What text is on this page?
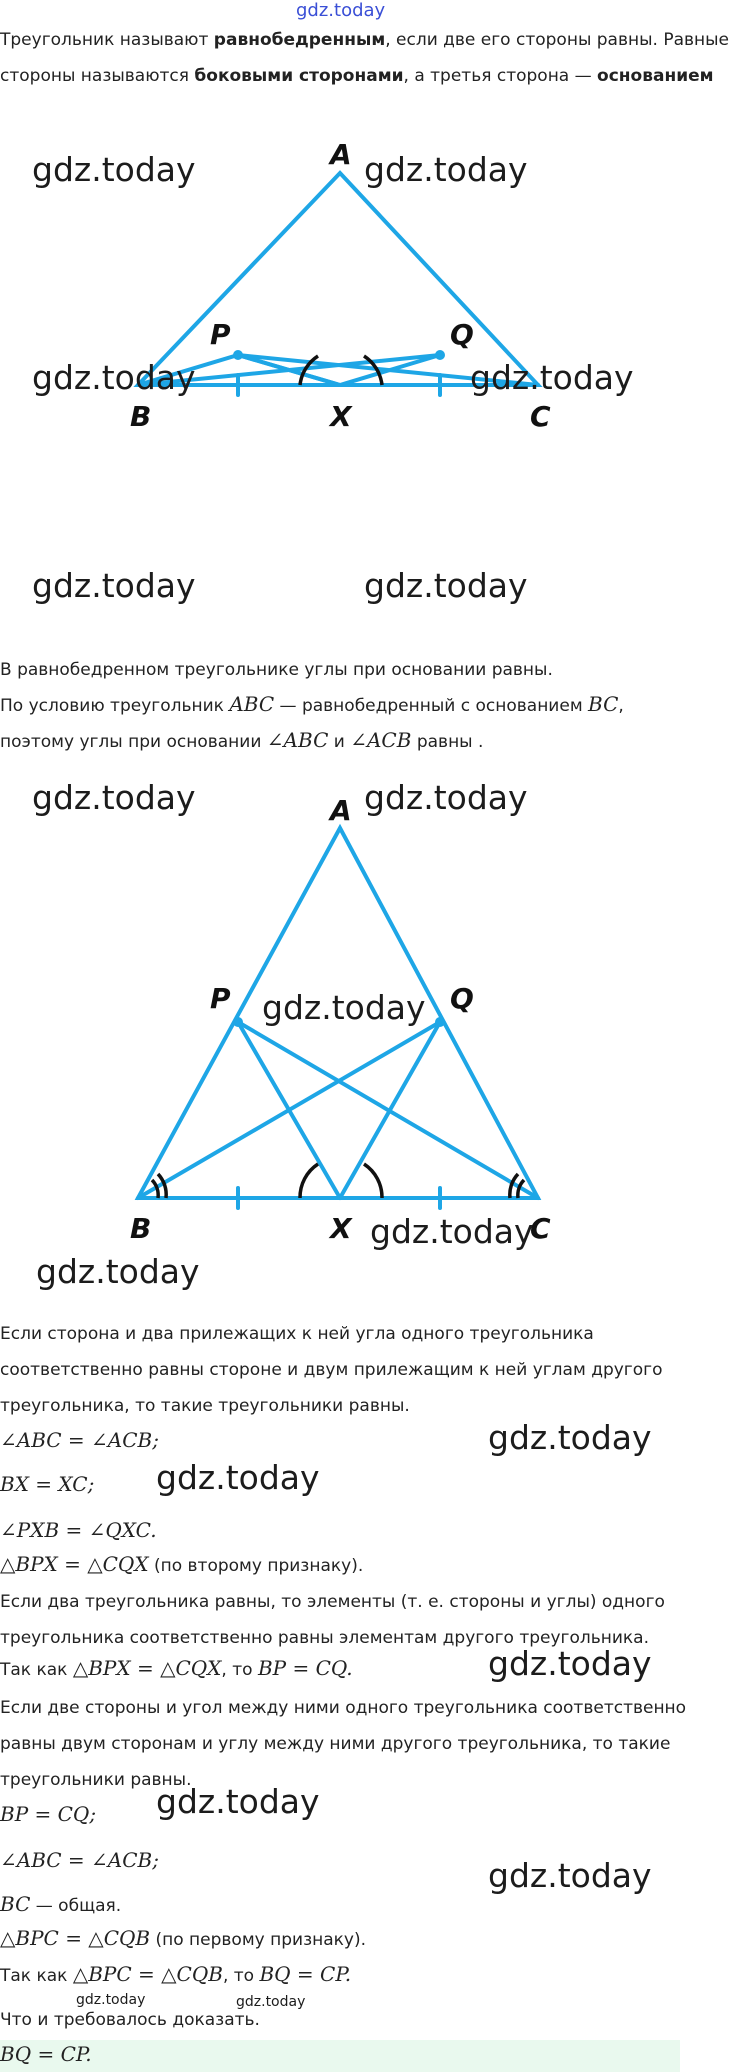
gdz.today
Треугольник называют равнобедренным, если две его стороны равны. Равные
стороны называются боковыми сторонами, а третья сторона — основанием
A
P	Q
B	X	C
gdz.today	gdz.today
gdz.today	gdz.today
gdz.today	gdz.today
В равнобедренном треугольнике углы при основании равны.
По условию треугольник ABC — равнобедренный с основанием BC,
поэтому углы при основании ∠ABC и ∠ACB равны .
A
P	Q
B	X	C
gdz.today	gdz.today
gdz.today
gdz.today
gdz.today
Если сторона и два прилежащих к ней угла одного треугольника
соответственно равны стороне и двум прилежащим к ней углам другого
треугольника, то такие треугольники равны.
∠ABC = ∠ACB;
BX = XC;
∠PXB = ∠QXC.
△BPX = △CQX (по второму признаку).
Если два треугольника равны, то элементы (т. е. стороны и углы) одного
треугольника соответственно равны элементам другого треугольника.
Так как △BPX = △CQX, то BP = CQ.
Если две стороны и угол между ними одного треугольника соответственно
равны двум сторонам и углу между ними другого треугольника, то такие
треугольники равны.
BP = CQ;
∠ABC = ∠ACB;
BC — общая.
△BPC = △CQB (по первому признаку).
Так как △BPC = △CQB, то BQ = CP.
Что и требовалось доказать.
gdz.today
gdz.today
gdz.today
gdz.today
gdz.today
gdz.today	gdz.today
BQ = CP.
